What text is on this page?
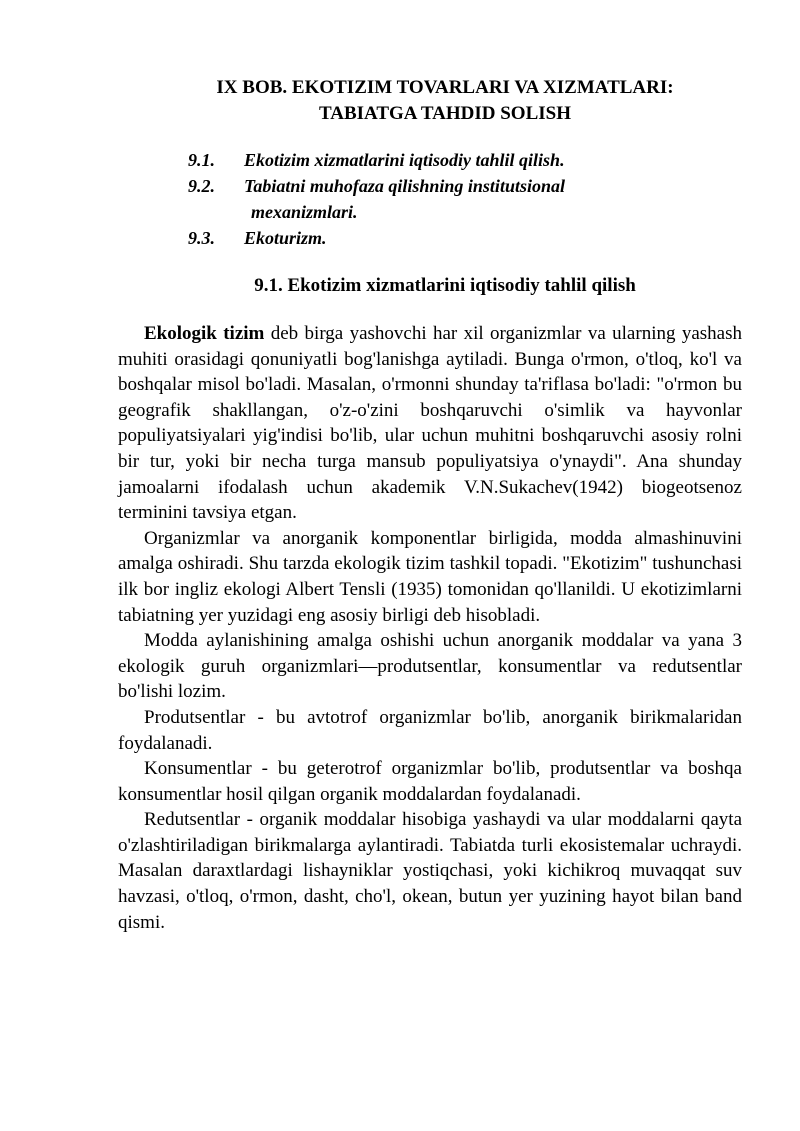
IX BOB. EKOTIZIM TOVARLARI VA XIZMATLARI:
TABIATGA TAHDID SOLISH
9.1.	Ekotizim xizmatlarini iqtisodiy tahlil qilish.
9.2.	Tabiatni muhofaza qilishning institutsional
mexanizmlari.
9.3.	Ekoturizm.
9.1. Ekotizim xizmatlarini iqtisodiy tahlil qilish

Ekologik tizim deb birga yashovchi har xil organizmlar va ularning yashash muhiti orasidagi qonuniyatli bog'lanishga aytiladi. Bunga o'rmon, o'tloq, ko'l va boshqalar misol bo'ladi. Masalan, o'rmonni shunday ta'riflasa bo'ladi: "o'rmon bu geografik shakllangan, o'z-o'zini boshqaruvchi o'simlik va hayvonlar populiyatsiyalari yig'indisi bo'lib, ular uchun muhitni boshqaruvchi asosiy rolni bir tur, yoki bir necha turga mansub populiyatsiya o'ynaydi". Ana shunday jamoalarni ifodalash uchun akademik V.N.Sukachev(1942) biogeotsenoz terminini tavsiya etgan.

Organizmlar va anorganik komponentlar birligida, modda almashinuvini amalga oshiradi. Shu tarzda ekologik tizim tashkil topadi. "Ekotizim" tushunchasi ilk bor ingliz ekologi Albert Tensli (1935) tomonidan qo'llanildi. U ekotizimlarni tabiatning yer yuzidagi eng asosiy birligi deb hisobladi.

Modda aylanishining amalga oshishi uchun anorganik moddalar va yana 3 ekologik guruh organizmlari—produtsentlar, konsumentlar va redutsentlar bo'lishi lozim.

Produtsentlar - bu avtotrof organizmlar bo'lib, anorganik birikmalaridan foydalanadi.

Konsumentlar - bu geterotrof organizmlar bo'lib, produtsentlar va boshqa konsumentlar hosil qilgan organik moddalardan foydalanadi.

Redutsentlar - organik moddalar hisobiga yashaydi va ular moddalarni qayta o'zlashtiriladigan birikmalarga aylantiradi. Tabiatda turli ekosistemalar uchraydi. Masalan daraxtlardagi lishayniklar yostiqchasi, yoki kichikroq muvaqqat suv havzasi, o'tloq, o'rmon, dasht, cho'l, okean, butun yer yuzining hayot bilan band qismi.
